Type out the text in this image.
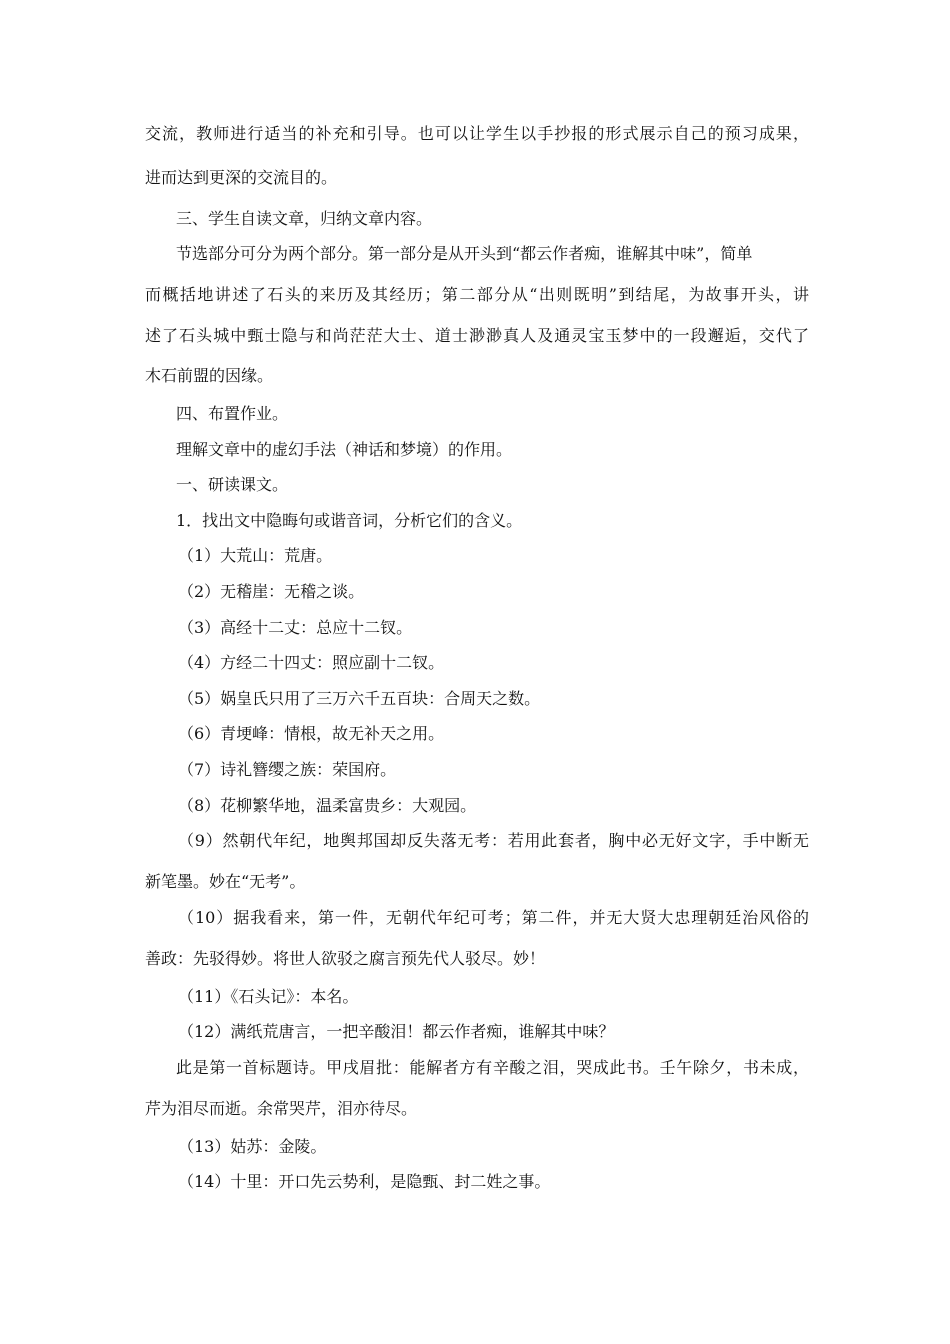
交流，教师进行适当的补充和引导。也可以让学生以手抄报的形式展示自己的预习成果，
进而达到更深的交流目的。
三、学生自读文章，归纳文章内容。
节选部分可分为两个部分。第一部分是从开头到“都云作者痴，谁解其中味”，简单
而概括地讲述了石头的来历及其经历；第二部分从“出则既明”到结尾，为故事开头，讲
述了石头城中甄士隐与和尚茫茫大士、道士渺渺真人及通灵宝玉梦中的一段邂逅，交代了
木石前盟的因缘。
四、布置作业。
理解文章中的虚幻手法（神话和梦境）的作用。
一、研读课文。
1．找出文中隐晦句或谐音词，分析它们的含义。
（1）大荒山：荒唐。
（2）无稽崖：无稽之谈。
（3）高经十二丈：总应十二钗。
（4）方经二十四丈：照应副十二钗。
（5）娲皇氏只用了三万六千五百块：合周天之数。
（6）青埂峰：情根，故无补天之用。
（7）诗礼簪缨之族：荣国府。
（8）花柳繁华地，温柔富贵乡：大观园。
（9）然朝代年纪，地舆邦国却反失落无考：若用此套者，胸中必无好文字，手中断无
新笔墨。妙在“无考”。
（10）据我看来，第一件，无朝代年纪可考；第二件，并无大贤大忠理朝廷治风俗的
善政：先驳得妙。将世人欲驳之腐言预先代人驳尽。妙！
（11）《石头记》：本名。
（12）满纸荒唐言，一把辛酸泪！都云作者痴，谁解其中味？
此是第一首标题诗。甲戌眉批：能解者方有辛酸之泪，哭成此书。壬午除夕，书未成，
芹为泪尽而逝。余常哭芹，泪亦待尽。
（13）姑苏：金陵。
（14）十里：开口先云势利，是隐甄、封二姓之事。
